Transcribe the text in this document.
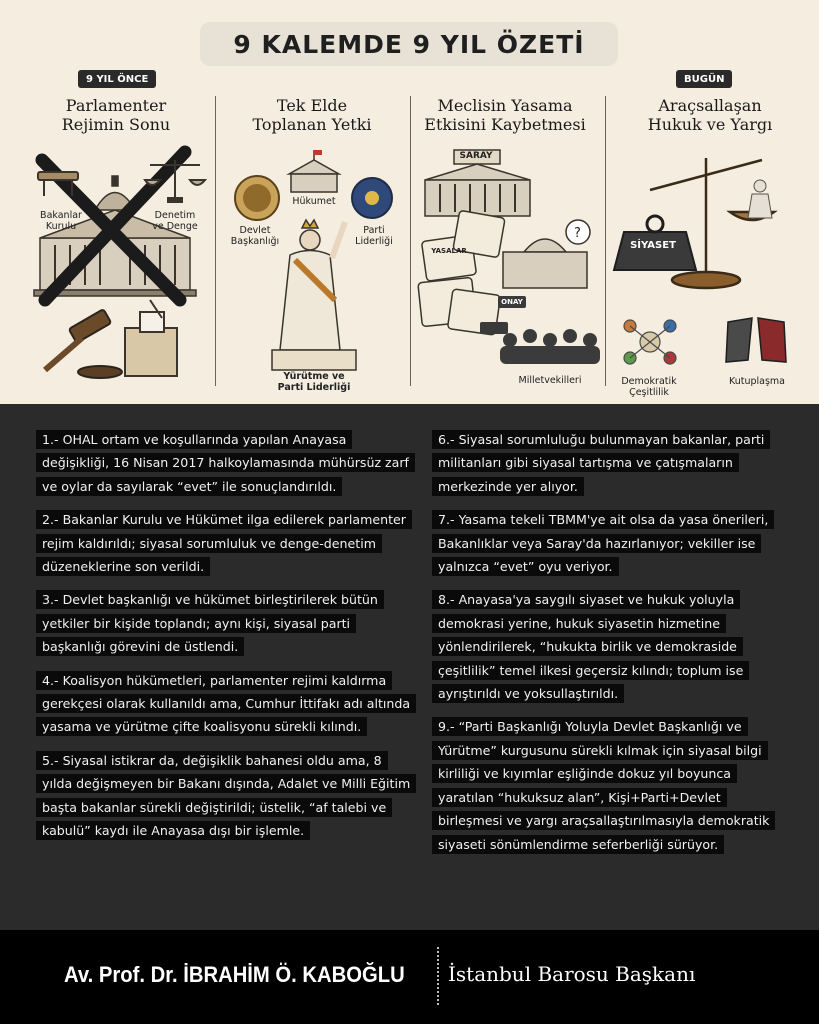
9 KALEMDE 9 YIL ÖZETİ
9 YIL ÖNCE	BUGÜN
Parlamenter
Rejimin Sonu
Tek Elde
Toplanan Yetki
Meclisin Yasama
Etkisini Kaybetmesi
Araçsallaşan
Hukuk ve Yargı
Bakanlar
Kurulu
Denetim
ve Denge
Hükumet
Devlet
Başkanlığı
Parti
Liderliği
Yürütme ve
Parti Liderliği
?
SARAY
YASALAR
ONAY
Milletvekilleri
SİYASET
Demokratik
Çeşitlilik
Kutuplaşma

1.- OHAL ortam ve koşullarında yapılan Anayasa değişikliği, 16 Nisan 2017 halkoylamasında mühürsüz zarf ve oylar da sayılarak “evet” ile sonuçlandırıldı.

2.- Bakanlar Kurulu ve Hükümet ilga edilerek parlamenter rejim kaldırıldı; siyasal sorumluluk ve denge-denetim düzeneklerine son verildi.

3.- Devlet başkanlığı ve hükümet birleştirilerek bütün yetkiler bir kişide toplandı; aynı kişi, siyasal parti başkanlığı görevini de üstlendi.

4.- Koalisyon hükümetleri, parlamenter rejimi kaldırma gerekçesi olarak kullanıldı ama, Cumhur İttifakı adı altında yasama ve yürütme çifte koalisyonu sürekli kılındı.

5.- Siyasal istikrar da, değişiklik bahanesi oldu ama, 8 yılda değişmeyen bir Bakanı dışında, Adalet ve Milli Eğitim başta bakanlar sürekli değiştirildi; üstelik, “af talebi ve kabulü” kaydı ile Anayasa dışı bir işlemle.

6.- Siyasal sorumluluğu bulunmayan bakanlar, parti militanları gibi siyasal tartışma ve çatışmaların merkezinde yer alıyor.

7.- Yasama tekeli TBMM'ye ait olsa da yasa önerileri, Bakanlıklar veya Saray'da hazırlanıyor; vekiller ise yalnızca “evet” oyu veriyor.

8.- Anayasa'ya saygılı siyaset ve hukuk yoluyla demokrasi yerine, hukuk siyasetin hizmetine yönlendirilerek, “hukukta birlik ve demokraside çeşitlilik” temel ilkesi geçersiz kılındı; toplum ise ayrıştırıldı ve yoksullaştırıldı.

9.- “Parti Başkanlığı Yoluyla Devlet Başkanlığı ve Yürütme” kurgusunu sürekli kılmak için siyasal bilgi kirliliği ve kıyımlar eşliğinde dokuz yıl boyunca yaratılan “hukuksuz alan”, Kişi+Parti+Devlet birleşmesi ve yargı araçsallaştırılmasıyla demokratik siyaseti sönümlendirme seferberliği sürüyor.

Av. Prof. Dr. İBRAHİM Ö. KABOĞLU İstanbul Barosu Başkanı
